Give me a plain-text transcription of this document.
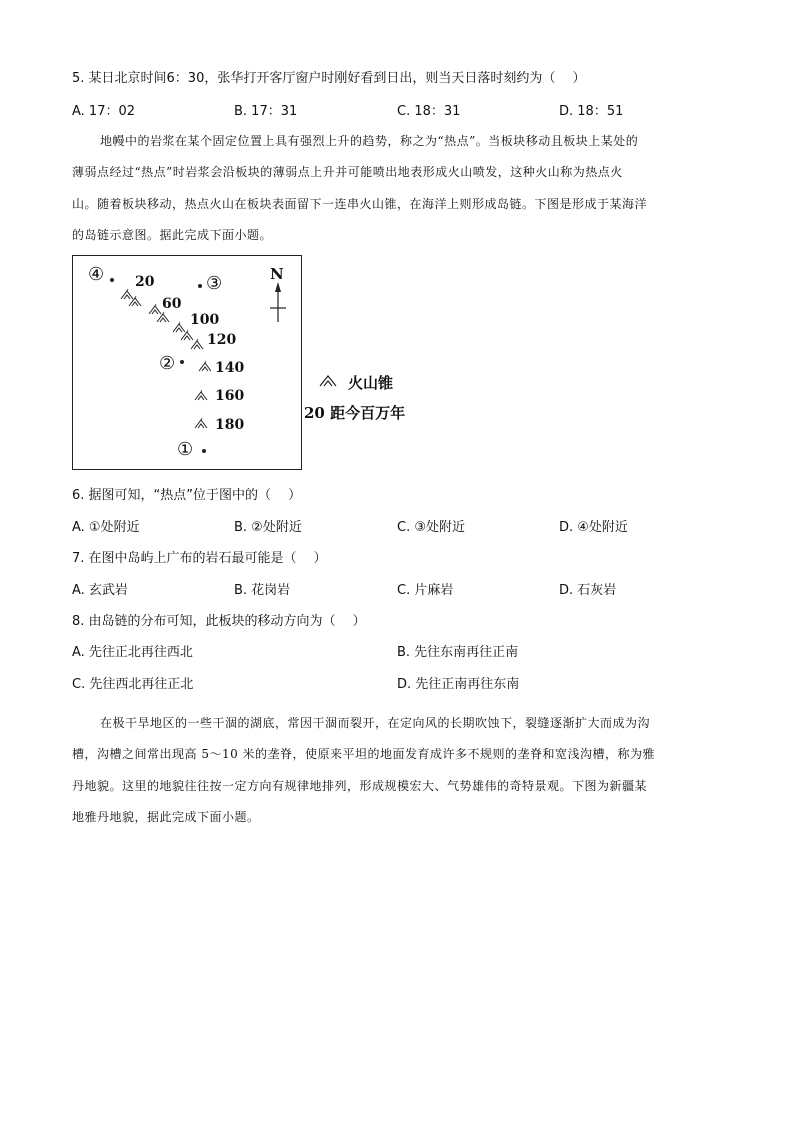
5. 某日北京时间6：30，张华打开客厅窗户时刚好看到日出，则当天日落时刻约为（　 ）
A. 17：02	B. 17：31	C. 18：31	D. 18：51
地幔中的岩浆在某个固定位置上具有强烈上升的趋势，称之为“热点”。当板块移动且板块上某处的
薄弱点经过“热点”时岩浆会沿板块的薄弱点上升并可能喷出地表形成火山喷发，这种火山称为热点火
山。随着板块移动，热点火山在板块表面留下一连串火山锥，在海洋上则形成岛链。下图是形成于某海洋
的岛链示意图。据此完成下面小题。
④	③
②
①
N
20
60
100
120
140
160
180
火山锥
20 距今百万年
6. 据图可知，“热点”位于图中的（　 ）
A. ①处附近	B. ②处附近	C. ③处附近	D. ④处附近
7. 在图中岛屿上广布的岩石最可能是（　 ）
A. 玄武岩	B. 花岗岩	C. 片麻岩	D. 石灰岩
8. 由岛链的分布可知，此板块的移动方向为（　 ）
A. 先往正北再往西北	B. 先往东南再往正南
C. 先往西北再往正北	D. 先往正南再往东南
在极干旱地区的一些干涸的湖底，常因干涸而裂开，在定向风的长期吹蚀下，裂缝逐渐扩大而成为沟
槽，沟槽之间常出现高 5～10 米的垄脊，使原来平坦的地面发育成许多不规则的垄脊和宽浅沟槽，称为雅
丹地貌。这里的地貌往往按一定方向有规律地排列，形成规模宏大、气势雄伟的奇特景观。下图为新疆某
地雅丹地貌，据此完成下面小题。
